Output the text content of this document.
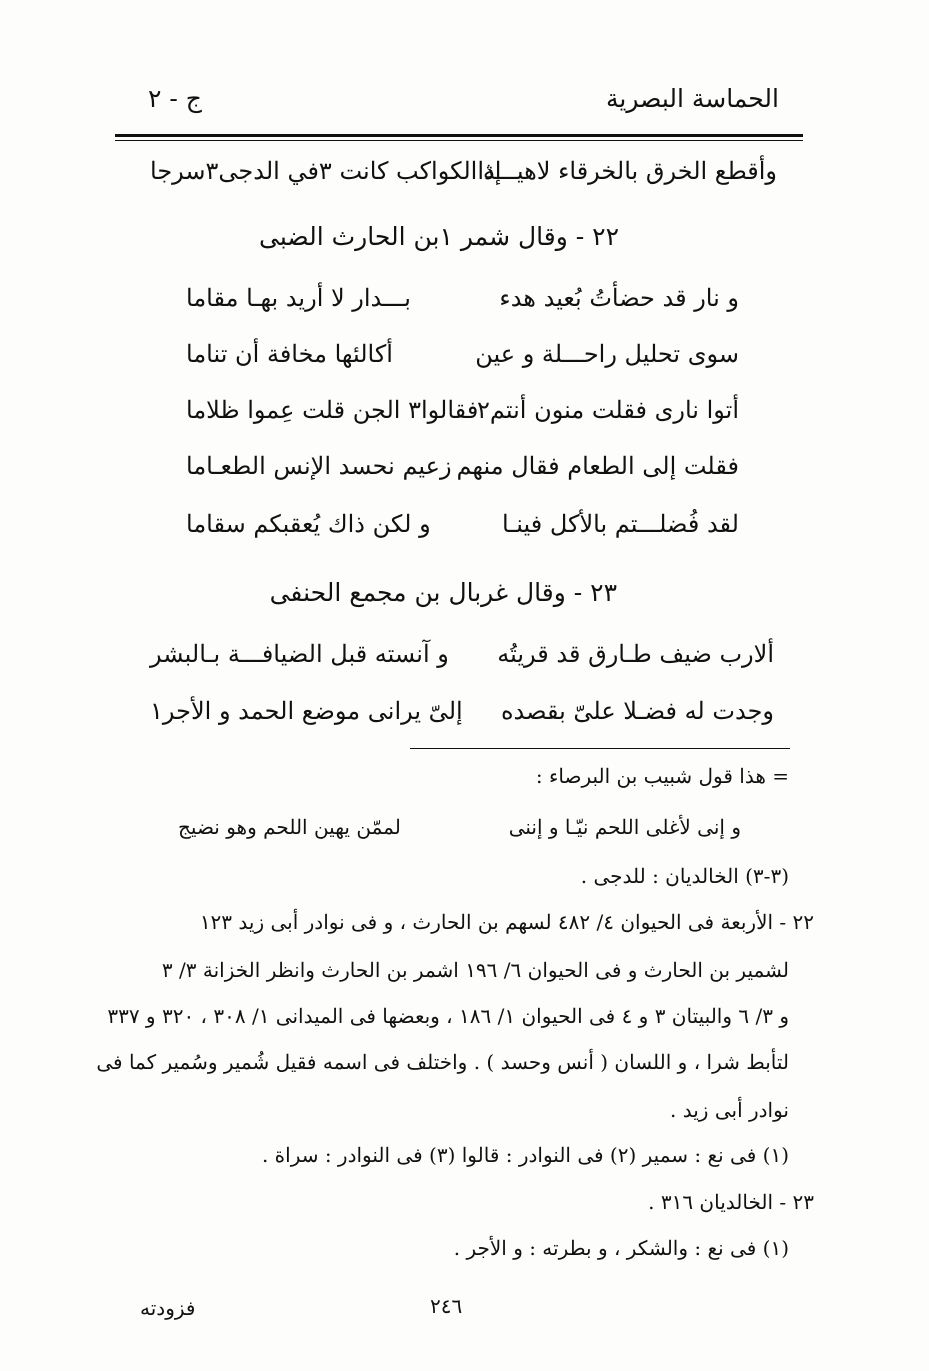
الحماسة البصرية
ج - ٢
وأقطع الخرق بالخرقاء لاهيـــة
إذاالكواكب كانت ٣في الدجى٣سرجا
٢٢ - وقال شمر ١بن الحارث الضبى
و نار قد حضأتُ بُعيد هدء
بـــدار لا أريد بهـا مقاما
سوى تحليل راحـــلة و عين
أكالئها مخافة أن تناما
أتوا نارى فقلت منون أنتم٢
فقالوا٣ الجن قلت عِموا ظلاما
فقلت إلى الطعام فقال منهم
زعيم نحسد الإنس الطعـاما
لقد فُضلـــتم بالأكل فينـا
و لكن ذاك يُعقبكم سقاما
٢٣ - وقال غربال بن مجمع الحنفى
ألارب ضيف طـارق قد قريتُه
و آنسته قبل الضيافـــة بـالبشر
وجدت له فضـلا علىّ بقصده
إلىّ يرانى موضع الحمد و الأجر١
= هذا قول شبيب بن البرصاء :
و إنى لأغلى اللحم نيّـا و إننى
لممّن يهين اللحم وهو نضيج
(٣-٣) الخالديان : للدجى .
٢٢ - الأربعة فى الحيوان ٤/ ٤٨٢ لسهم بن الحارث ، و فى نوادر أبى زيد ١٢٣
لشمير بن الحارث و فى الحيوان ٦/ ١٩٦ اشمر بن الحارث وانظر الخزانة ٣/ ٣
و ٣/ ٦ والبيتان ٣ و ٤ فى الحيوان ١/ ١٨٦ ، وبعضها فى الميدانى ١/ ٣٠٨ ، ٣٢٠ و ٣٣٧
لتأبط شرا ، و اللسان ( أنس وحسد ) . واختلف فى اسمه فقيل شُمير وسُمير كما فى
نوادر أبى زيد .
(١) فى نع : سمير (٢) فى النوادر : قالوا (٣) فى النوادر : سراة .
٢٣ - الخالديان ٣١٦ .
(١) فى نع : والشكر ، و بطرته : و الأجر .
٢٤٦
فزودته
